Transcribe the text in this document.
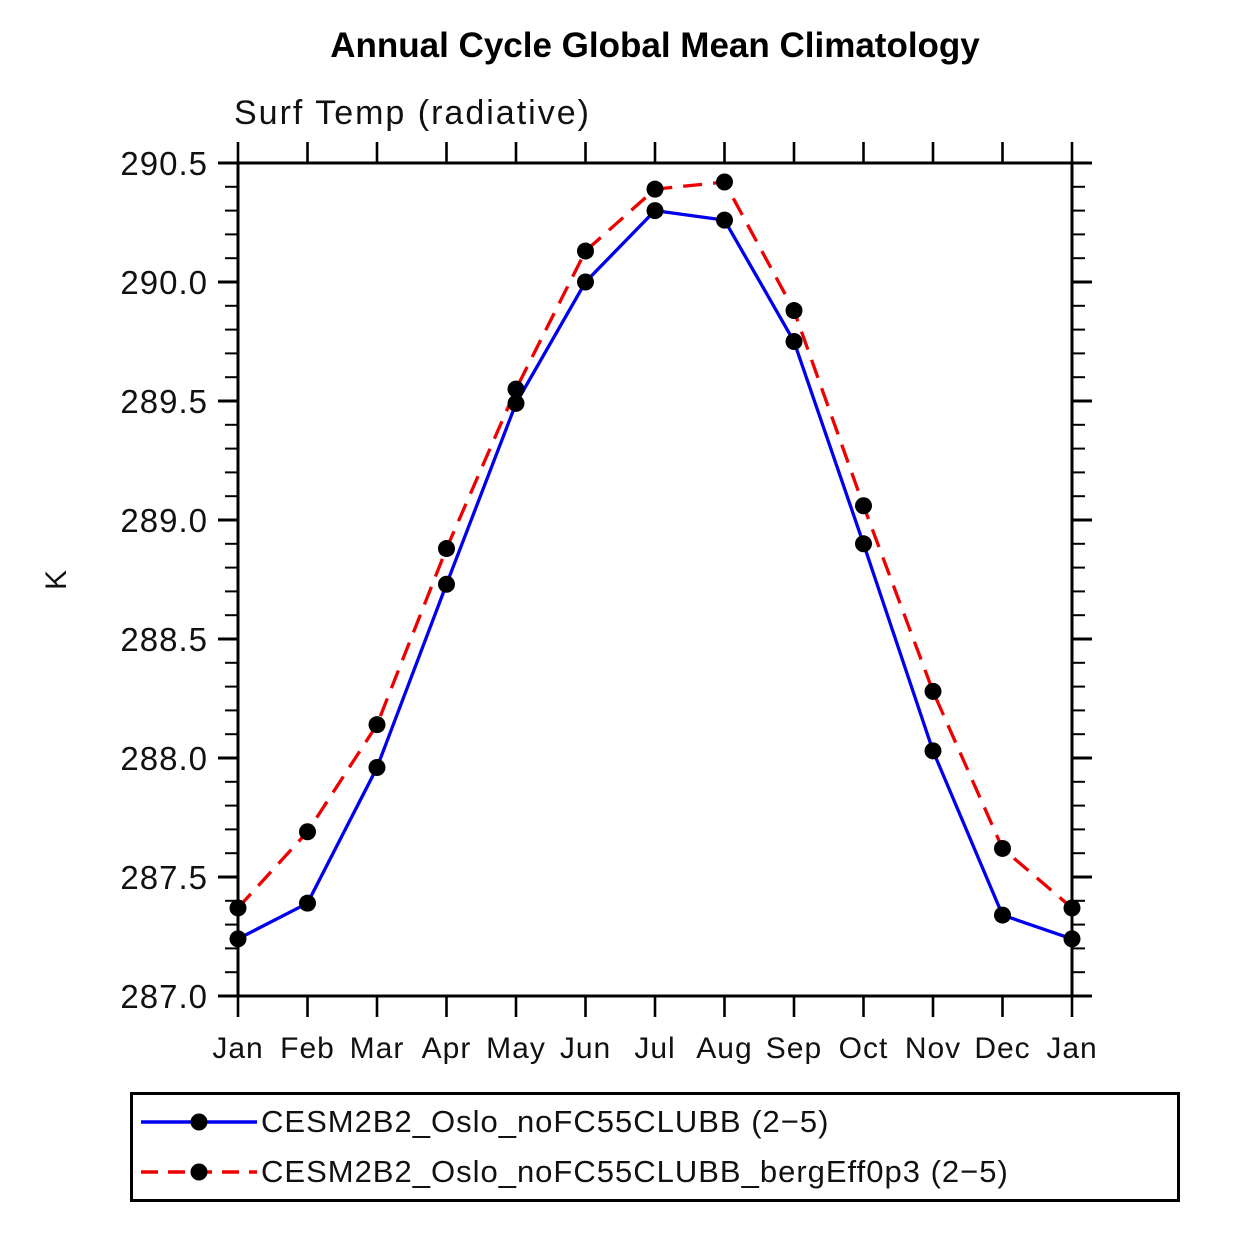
Annual Cycle Global Mean Climatology
Surf Temp (radiative)
K
287.0
287.5
288.0
288.5
289.0
289.5
290.0
290.5
Jan Feb Mar Apr May Jun Jul Aug Sep Oct Nov Dec Jan
CESM2B2_Oslo_noFC55CLUBB (2−5)
CESM2B2_Oslo_noFC55CLUBB_bergEff0p3 (2−5)
